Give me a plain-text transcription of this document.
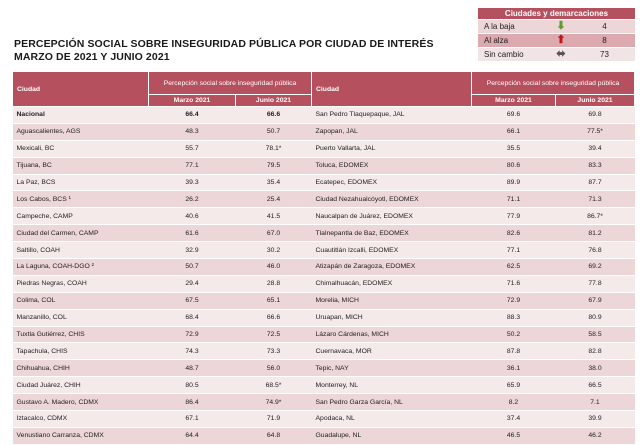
PERCEPCIÓN SOCIAL SOBRE INSEGURIDAD PÚBLICA POR CIUDAD DE INTERÉS
MARZO DE 2021 Y JUNIO 2021
Ciudades y demarcaciones
A la baja	⬇	4
Al alza	⬆	8
Sin cambio	⬌	73
Ciudad	Percepción social sobre inseguridad pública		Ciudad	Percepción social sobre inseguridad pública	
	Marzo 2021	Junio 2021		Marzo 2021	Junio 2021
Nacional	66.4	66.6	San Pedro Tlaquepaque, JAL	69.6	69.8
Aguascalientes, AGS	48.3	50.7	Zapopan, JAL	66.1	77.5*
Mexicali, BC	55.7	78.1*	Puerto Vallarta, JAL	35.5	39.4
Tijuana, BC	77.1	79.5	Toluca, EDOMEX	80.6	83.3
La Paz, BCS	39.3	35.4	Ecatepec, EDOMEX	89.9	87.7
Los Cabos, BCS ¹	26.2	25.4	Ciudad Nezahualcóyotl, EDOMEX	71.1	71.3
Campeche, CAMP	40.6	41.5	Naucalpan de Juárez, EDOMEX	77.9	86.7*
Ciudad del Carmen, CAMP	61.6	67.0	Tlalnepantla de Baz, EDOMEX	82.6	81.2
Saltillo, COAH	32.9	30.2	Cuautitlán Izcalli, EDOMEX	77.1	76.8
La Laguna, COAH-DGO ²	50.7	46.0	Atizapán de Zaragoza, EDOMEX	62.5	69.2
Piedras Negras, COAH	29.4	28.8	Chimalhuacán, EDOMEX	71.6	77.8
Colima, COL	67.5	65.1	Morelia, MICH	72.9	67.9
Manzanillo, COL	68.4	66.6	Uruapan, MICH	88.3	80.9
Tuxtla Gutiérrez, CHIS	72.9	72.5	Lázaro Cárdenas, MICH	50.2	58.5
Tapachula, CHIS	74.3	73.3	Cuernavaca, MOR	87.8	82.8
Chihuahua, CHIH	48.7	56.0	Tepic, NAY	36.1	38.0
Ciudad Juárez, CHIH	80.5	68.5*	Monterrey, NL	65.9	66.5
Gustavo A. Madero, CDMX	86.4	74.9*	San Pedro Garza García, NL	8.2	7.1
Iztacalco, CDMX	67.1	71.9	Apodaca, NL	37.4	39.9
Venustiano Carranza, CDMX	64.4	64.8	Guadalupe, NL	46.5	46.2
